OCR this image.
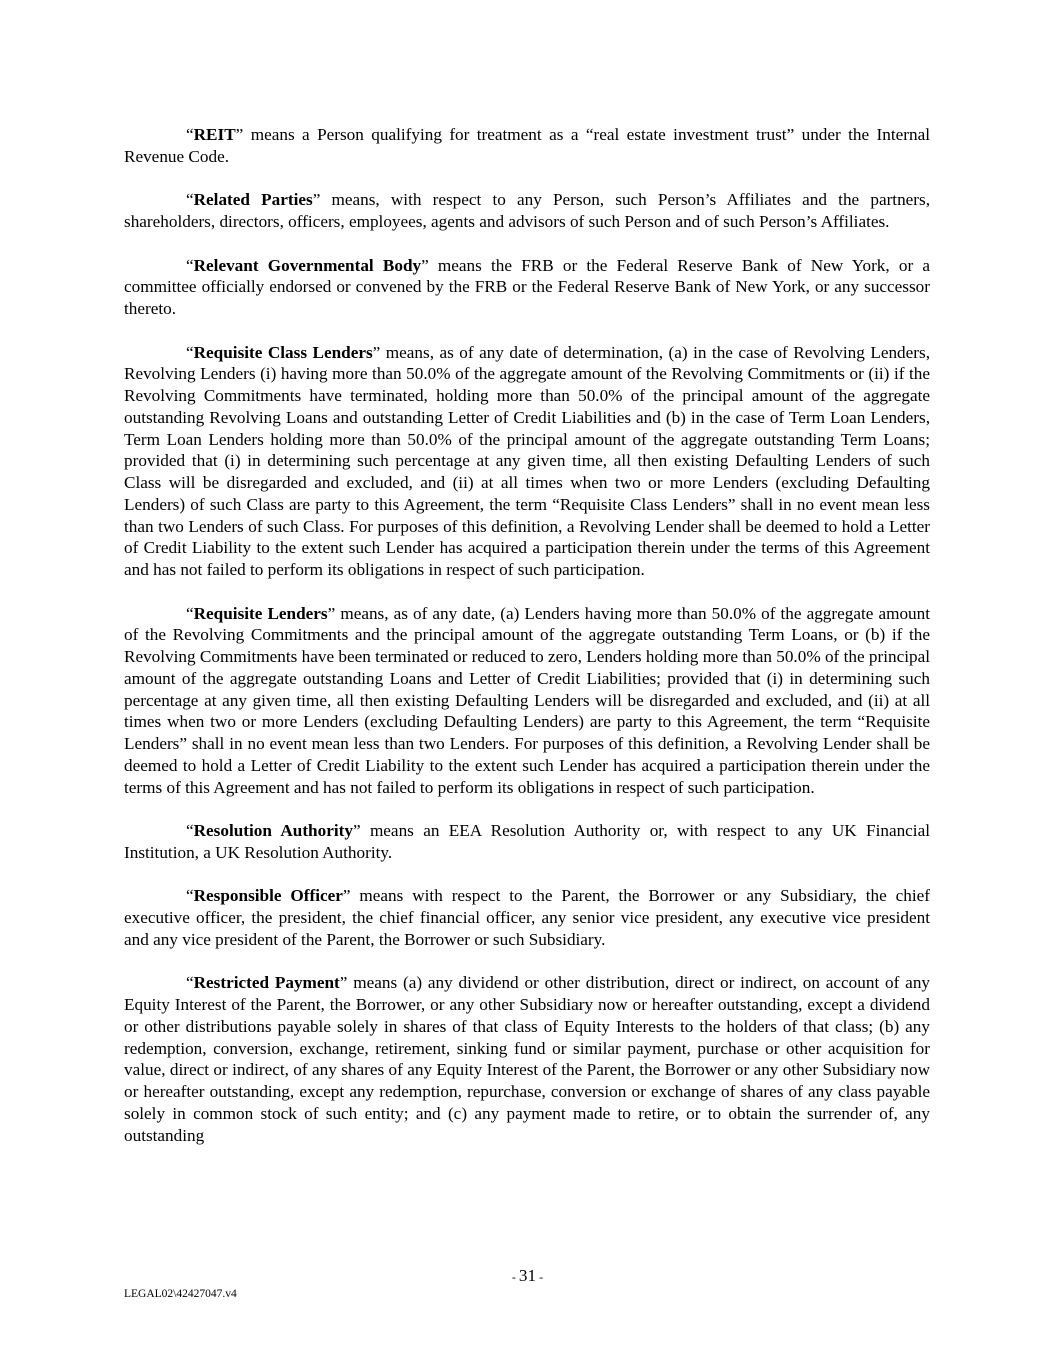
“REIT” means a Person qualifying for treatment as a “real estate investment trust” under the Internal Revenue Code.

“Related Parties” means, with respect to any Person, such Person’s Affiliates and the partners, shareholders, directors, officers, employees, agents and advisors of such Person and of such Person’s Affiliates.

“Relevant Governmental Body” means the FRB or the Federal Reserve Bank of New York, or a committee officially endorsed or convened by the FRB or the Federal Reserve Bank of New York, or any successor thereto.

“Requisite Class Lenders” means, as of any date of determination, (a) in the case of Revolving Lenders, Revolving Lenders (i) having more than 50.0% of the aggregate amount of the Revolving Commitments or (ii) if the Revolving Commitments have terminated, holding more than 50.0% of the principal amount of the aggregate outstanding Revolving Loans and outstanding Letter of Credit Liabilities and (b) in the case of Term Loan Lenders, Term Loan Lenders holding more than 50.0% of the principal amount of the aggregate outstanding Term Loans; provided that (i) in determining such percentage at any given time, all then existing Defaulting Lenders of such Class will be disregarded and excluded, and (ii) at all times when two or more Lenders (excluding Defaulting Lenders) of such Class are party to this Agreement, the term “Requisite Class Lenders” shall in no event mean less than two Lenders of such Class. For purposes of this definition, a Revolving Lender shall be deemed to hold a Letter of Credit Liability to the extent such Lender has acquired a participation therein under the terms of this Agreement and has not failed to perform its obligations in respect of such participation.

“Requisite Lenders” means, as of any date, (a) Lenders having more than 50.0% of the aggregate amount of the Revolving Commitments and the principal amount of the aggregate outstanding Term Loans, or (b) if the Revolving Commitments have been terminated or reduced to zero, Lenders holding more than 50.0% of the principal amount of the aggregate outstanding Loans and Letter of Credit Liabilities; provided that (i) in determining such percentage at any given time, all then existing Defaulting Lenders will be disregarded and excluded, and (ii) at all times when two or more Lenders (excluding Defaulting Lenders) are party to this Agreement, the term “Requisite Lenders” shall in no event mean less than two Lenders. For purposes of this definition, a Revolving Lender shall be deemed to hold a Letter of Credit Liability to the extent such Lender has acquired a participation therein under the terms of this Agreement and has not failed to perform its obligations in respect of such participation.

“Resolution Authority” means an EEA Resolution Authority or, with respect to any UK Financial Institution, a UK Resolution Authority.

“Responsible Officer” means with respect to the Parent, the Borrower or any Subsidiary, the chief executive officer, the president, the chief financial officer, any senior vice president, any executive vice president and any vice president of the Parent, the Borrower or such Subsidiary.

“Restricted Payment” means (a) any dividend or other distribution, direct or indirect, on account of any Equity Interest of the Parent, the Borrower, or any other Subsidiary now or hereafter outstanding, except a dividend or other distributions payable solely in shares of that class of Equity Interests to the holders of that class; (b) any redemption, conversion, exchange, retirement, sinking fund or similar payment, purchase or other acquisition for value, direct or indirect, of any shares of any Equity Interest of the Parent, the Borrower or any other Subsidiary now or hereafter outstanding, except any redemption, repurchase, conversion or exchange of shares of any class payable solely in common stock of such entity; and (c) any payment made to retire, or to obtain the surrender of, any outstanding

- 31 -
LEGAL02\42427047.v4
